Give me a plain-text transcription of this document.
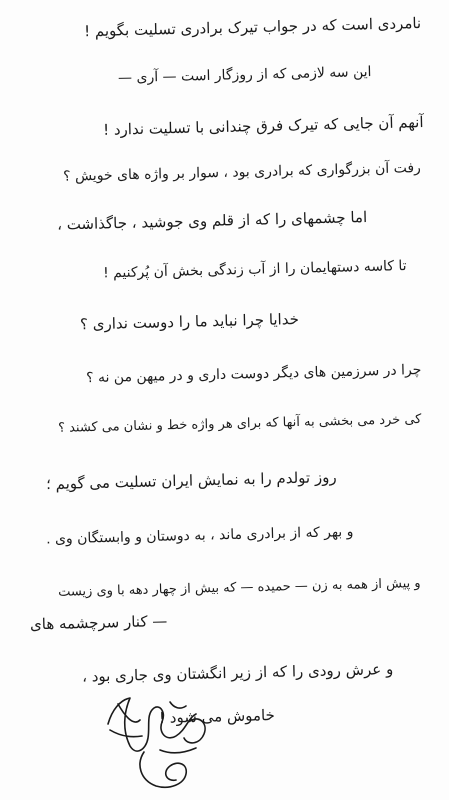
نامردی است که در جواب تیرک برادری تسلیت بگویم !
این سه لازمی که از روزگار است — آری —
آنهم آن جایی که تیرک فرق چندانی با تسلیت ندارد !
رفت آن بزرگواری که برادری بود ، سوار بر واژه های خویش ؟
اما چشمهای را که از قلم وی جوشید ، جاگذاشت ،
تا کاسه دستهایمان را از آب زندگی بخش آن پُرکنیم !
خدایا چرا نباید ما را دوست نداری ؟
چرا در سرزمین های دیگر دوست داری و در میهن من نه ؟
کی خرد می بخشی به آنها که برای هر واژه خط و نشان می کشند ؟
روز تولدم را به نمایش ایران تسلیت می گویم ؛
و بهر که از برادری ماند ، به دوستان و وابستگان وی .
و پیش از همه به زن — حمیده — که بیش از چهار دهه با وی زیست
— کنار سرچشمه های
و عرش رودی را که از زیر انگشتان وی جاری بود ،
خاموش می شود !
